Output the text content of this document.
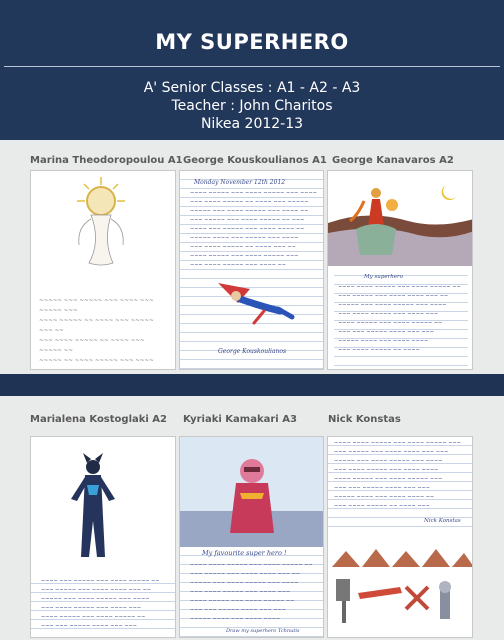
MY SUPERHERO
A' Senior Classes : A1 - A2 - A3
Teacher : John Charitos
Nikea 2012-13
Marina Theodoropoulou A1 George Kouskoulianos A1 George Kanavaros A2
~~~~~ ~~~ ~~~~~ ~~~ ~~~~ ~~~ ~~~~~ ~~~
~~~~ ~~~~~ ~~ ~~~~ ~~~ ~~~~~ ~~~ ~~
~~~ ~~~~ ~~~~~ ~~ ~~~~ ~~~ ~~~~~ ~~
~~~~~ ~~ ~~~~ ~~~~~ ~~~ ~~~~

Monday November 12th 2012
~~~~ ~~~~~ ~~~ ~~~~ ~~~~~ ~~~ ~~~~
~~~ ~~~~ ~~~~~ ~~ ~~~~ ~~~ ~~~~~
~~~~~ ~~~ ~~~~ ~~~~~ ~~~ ~~~~ ~~
~~~ ~~~~~ ~~~ ~~~~ ~~~~~ ~~ ~~~
~~~~ ~~~ ~~~~~ ~~~ ~~~~ ~~~~ ~~
~~~~~ ~~~~ ~~~ ~~~~~ ~~~ ~~~~
~~~ ~~~~ ~~~~~ ~~ ~~~~ ~~~ ~~
~~~~ ~~~~~ ~~~ ~~~~ ~~~~~ ~~~
~~~ ~~~~ ~~~~~ ~~~ ~~~~ ~~
George Kouskoulianos
My superhero
~~~~ ~~~~ ~~~~~ ~~~ ~~~~ ~~~~~ ~~
~~~ ~~~~~ ~~~ ~~~~ ~~~~ ~~~ ~~
~~~~~ ~~~ ~~~~ ~~~~~ ~~~ ~~~~
~~~ ~~~~ ~~~~~ ~~~ ~~~~ ~~~
~~~~ ~~~~~ ~~~ ~~~~ ~~~~~ ~~
~~~ ~~~ ~~~~~ ~~~~ ~~~ ~~~
~~~~~ ~~~~ ~~~ ~~~~ ~~~~
~~~ ~~~~ ~~~~~ ~~ ~~~~
Marialena Kostoglaki A2 Kyriaki Kamakari A3	Nick Konstas
~~~~ ~~~ ~~~~~ ~~~ ~~~~ ~~~~~ ~~
~~~ ~~~~~ ~~~ ~~~~ ~~~~ ~~~ ~~
~~~~~ ~~~ ~~~~ ~~~~~ ~~~ ~~~~
~~~ ~~~~ ~~~~~ ~~~ ~~~~ ~~~
~~~~ ~~~~~ ~~~ ~~~~ ~~~~~ ~~
~~~ ~~~ ~~~~~ ~~~~ ~~~ ~~~
My favourite super hero !
~~~~ ~~~~ ~~~~~ ~~~ ~~~~ ~~~~~ ~~
~~~ ~~~~~ ~~~ ~~~~ ~~~~ ~~~ ~~
~~~~~ ~~~ ~~~~ ~~~~~ ~~~ ~~~~
~~~ ~~~~ ~~~~~ ~~~ ~~~~ ~~~
~~~~ ~~~~~ ~~~ ~~~~ ~~~~~ ~~
~~~ ~~~ ~~~~~ ~~~~ ~~~ ~~~
~~~~~ ~~~~ ~~~ ~~~~ ~~~~
Draw my superhero Tchnutis
~~~~ ~~~~ ~~~~~ ~~~ ~~~~ ~~~~~ ~~~
~~~ ~~~~~ ~~~ ~~~~ ~~~~ ~~~ ~~~
~~~~~ ~~~ ~~~~ ~~~~~ ~~~ ~~~~
~~~ ~~~~ ~~~~~ ~~~ ~~~~ ~~~~
~~~~ ~~~~~ ~~~ ~~~~ ~~~~~ ~~~
~~~ ~~~ ~~~~~ ~~~~ ~~~ ~~~
~~~~~ ~~~~ ~~~ ~~~~ ~~~~ ~~
~~~ ~~~~ ~~~~~ ~~ ~~~~ ~~~
Nick Konstas
